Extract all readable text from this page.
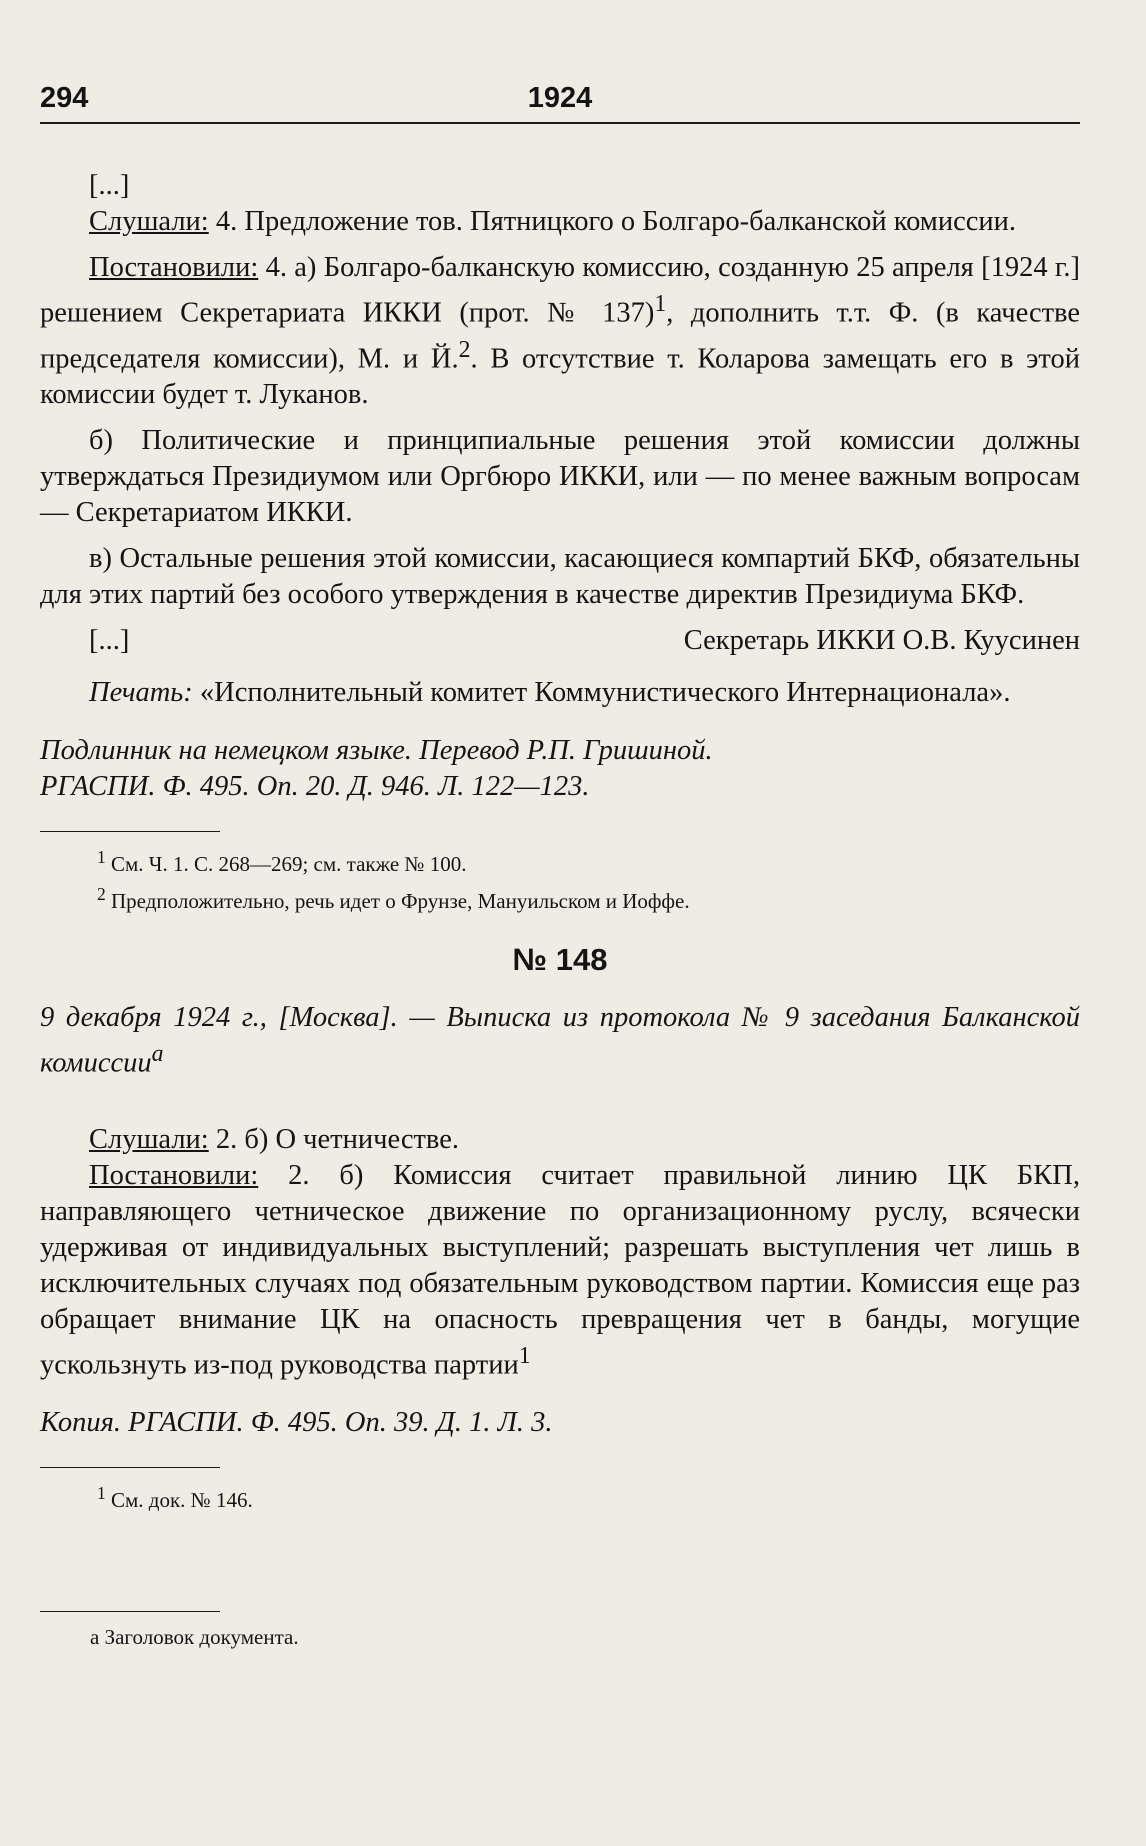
294	1924

[...]

Слушали: 4. Предложение тов. Пятницкого о Болгаро-балканской комиссии.

Постановили: 4. а) Болгаро-балканскую комиссию, созданную 25 апреля [1924 г.] решением Секретариата ИККИ (прот. № 137)$^1$, дополнить т.т. Ф. (в качестве председателя комиссии), М. и Й.$^2$. В отсутствие т. Коларова замещать его в этой комиссии будет т. Луканов.

б) Политические и принципиальные решения этой комиссии должны утверждаться Президиумом или Оргбюро ИККИ, или — по менее важным вопросам — Секретариатом ИККИ.

в) Остальные решения этой комиссии, касающиеся компартий БКФ, обязательны для этих партий без особого утверждения в качестве директив Президиума БКФ.

[...]	Секретарь ИККИ О.В. Куусинен

Печать: «Исполнительный комитет Коммунистического Интернационала».

Подлинник на немецком языке. Перевод Р.П. Гришиной.

РГАСПИ. Ф. 495. Оп. 20. Д. 946. Л. 122—123.

$^1$ См. Ч. 1. С. 268—269; см. также № 100.

$^2$ Предположительно, речь идет о Фрунзе, Мануильском и Иоффе.

№ 148

9 декабря 1924 г., [Москва]. — Выписка из протокола № 9 заседания Балканской комиссии$^a$

Слушали: 2. б) О четничестве.

Постановили: 2. б) Комиссия считает правильной линию ЦК БКП, направляющего четническое движение по организационному руслу, всячески удерживая от индивидуальных выступлений; разрешать выступления чет лишь в исключительных случаях под обязательным руководством партии. Комиссия еще раз обращает внимание ЦК на опасность превращения чет в банды, могущие ускользнуть из-под руководства партии$^1$

Копия. РГАСПИ. Ф. 495. Оп. 39. Д. 1. Л. 3.

$^1$ См. док. № 146.

а Заголовок документа.
